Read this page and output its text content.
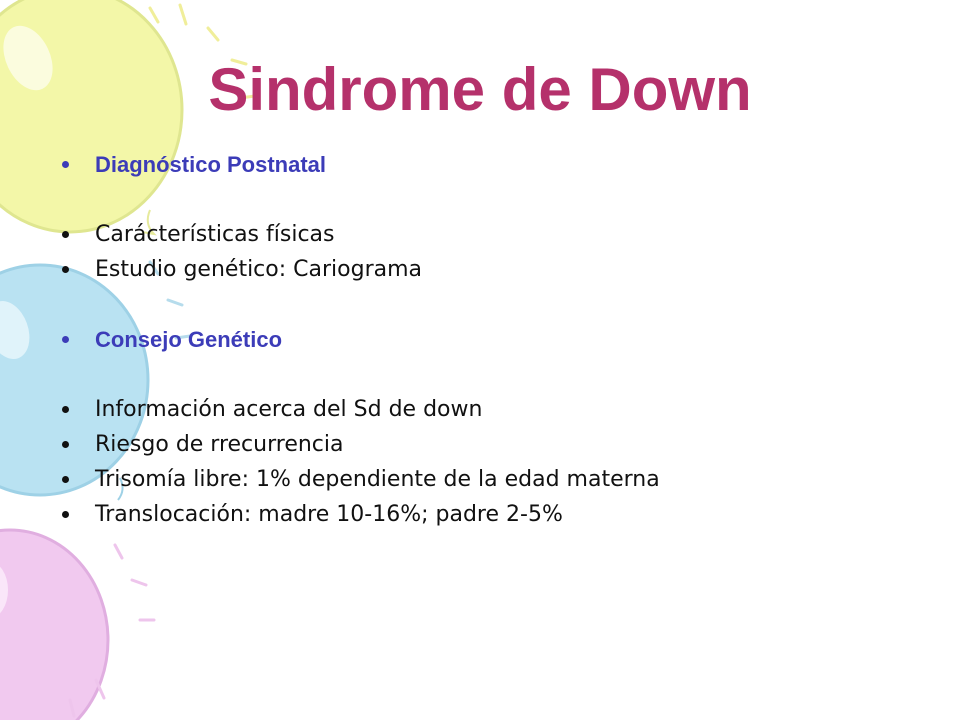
Sindrome de Down
Diagnóstico Postnatal
Carácterísticas físicas
Estudio genético: Cariograma
Consejo Genético
Información acerca del Sd de down
Riesgo de rrecurrencia
Trisomía libre: 1% dependiente de la edad materna
Translocación: madre 10-16%; padre 2-5%
